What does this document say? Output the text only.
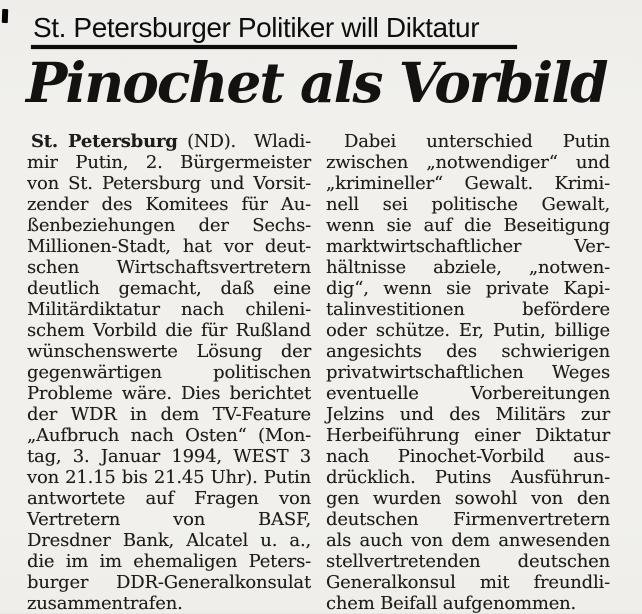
St. Petersburger Politiker will Diktatur
Pinochet als Vorbild
St. Petersburg (ND). Wladi-
mir Putin, 2. Bürgermeister
von St. Petersburg und Vorsit-
zender des Komitees für Au-
ßenbeziehungen der Sechs-
Millionen-Stadt, hat vor deut-
schen Wirtschaftsvertretern
deutlich gemacht, daß eine
Militärdiktatur nach chileni-
schem Vorbild die für Rußland
wünschenswerte Lösung der
gegenwärtigen politischen
Probleme wäre. Dies berichtet
der WDR in dem TV-Feature
„Aufbruch nach Osten“ (Mon-
tag, 3. Januar 1994, WEST 3
von 21.15 bis 21.45 Uhr). Putin
antwortete auf Fragen von
Vertretern von BASF,
Dresdner Bank, Alcatel u. a.,
die im im ehemaligen Peters-
burger DDR-Generalkonsulat
zusammentrafen.
Dabei unterschied Putin
zwischen „notwendiger“ und
„krimineller“ Gewalt. Krimi-
nell sei politische Gewalt,
wenn sie auf die Beseitigung
marktwirtschaftlicher Ver-
hältnisse abziele, „notwen-
dig“, wenn sie private Kapi-
talinvestitionen befördere
oder schütze. Er, Putin, billige
angesichts des schwierigen
privatwirtschaftlichen Weges
eventuelle Vorbereitungen
Jelzins und des Militärs zur
Herbeiführung einer Diktatur
nach Pinochet-Vorbild aus-
drücklich. Putins Ausführun-
gen wurden sowohl von den
deutschen Firmenvertretern
als auch von dem anwesenden
stellvertretenden deutschen
Generalkonsul mit freundli-
chem Beifall aufgenommen.
